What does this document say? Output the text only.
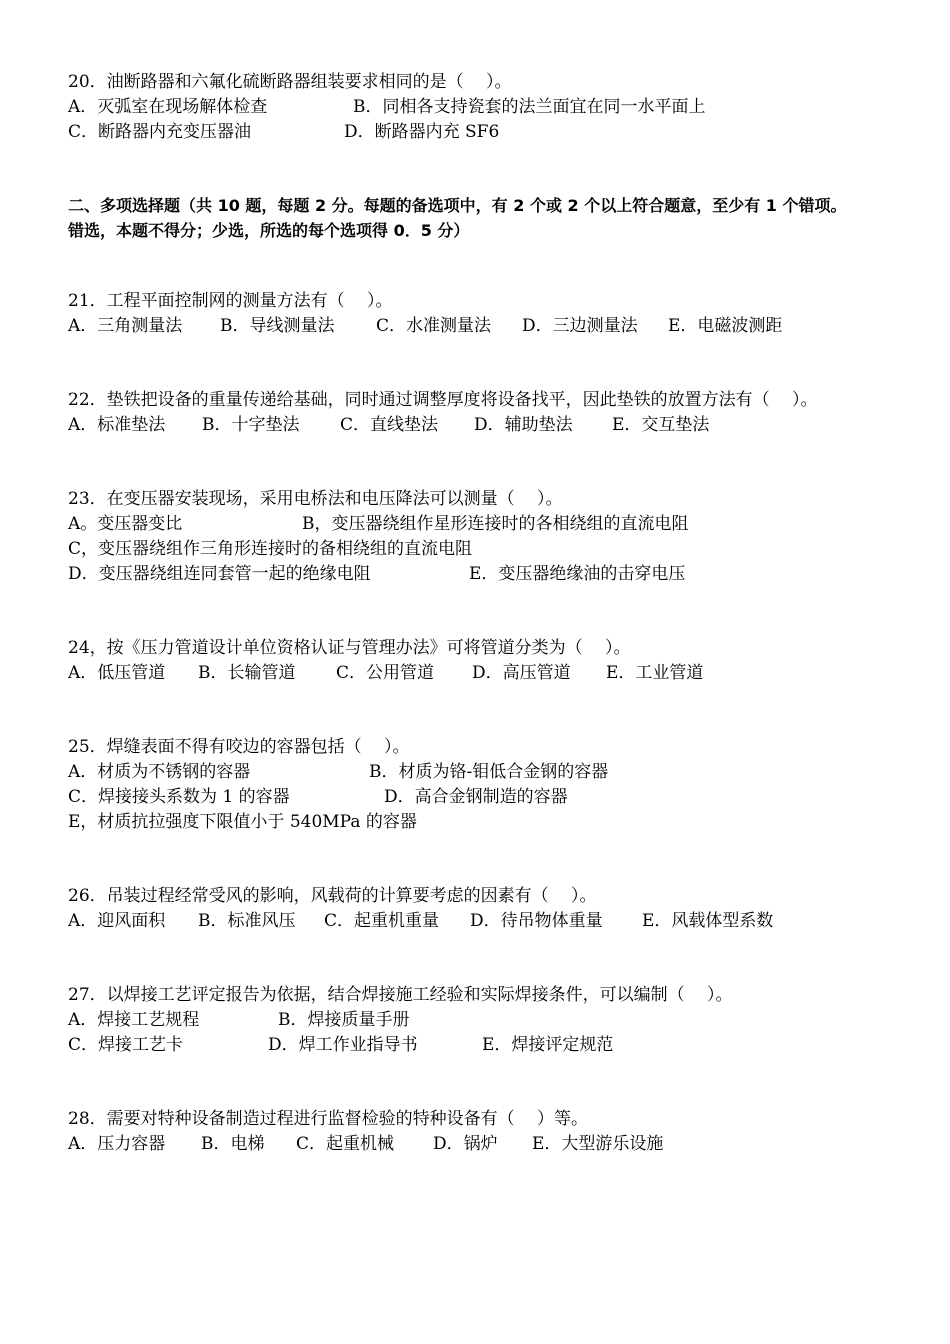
20．油断路器和六氟化硫断路器组装要求相同的是（　 ）。
A．灭弧室在现场解体检查	B．同相各支持瓷套的法兰面宜在同一水平面上
C．断路器内充变压器油	D．断路器内充 SF6
二、多项选择题（共 10 题，每题 2 分。每题的备选项中，有 2 个或 2 个以上符合题意，至少有 1 个错项。
错选，本题不得分；少选，所选的每个选项得 0．5 分）
21．工程平面控制网的测量方法有（　 ）。
A．三角测量法 B．导线测量法 C．水准测量法 D．三边测量法 E．电磁波测距
22．垫铁把设备的重量传递给基础，同时通过调整厚度将设备找平，因此垫铁的放置方法有（　 ）。
A．标准垫法 B．十字垫法 C．直线垫法 D．辅助垫法 E．交互垫法
23．在变压器安装现场，采用电桥法和电压降法可以测量（　 ）。
A。变压器变比	B，变压器绕组作星形连接时的各相绕组的直流电阻
C，变压器绕组作三角形连接时的备相绕组的直流电阻
D．变压器绕组连同套管一起的绝缘电阻	E．变压器绝缘油的击穿电压
24，按《压力管道设计单位资格认证与管理办法》可将管道分类为（　 ）。
A．低压管道 B．长输管道 C．公用管道 D．高压管道 E．工业管道
25．焊缝表面不得有咬边的容器包括（　 ）。
A．材质为不锈钢的容器	B．材质为铬-钼低合金钢的容器
C．焊接接头系数为 1 的容器	D．高合金钢制造的容器
E，材质抗拉强度下限值小于 540MPa 的容器
26．吊装过程经常受风的影响，风载荷的计算要考虑的因素有（　 ）。
A．迎风面积 B．标准风压 C．起重机重量 D．待吊物体重量 E．风载体型系数
27．以焊接工艺评定报告为依据，结合焊接施工经验和实际焊接条件，可以编制（　 ）。
A．焊接工艺规程	B．焊接质量手册
C．焊接工艺卡	D．焊工作业指导书	E．焊接评定规范
28．需要对特种设备制造过程进行监督检验的特种设备有（　 ）等。
A．压力容器 B．电梯 C．起重机械 D．锅炉 E．大型游乐设施
